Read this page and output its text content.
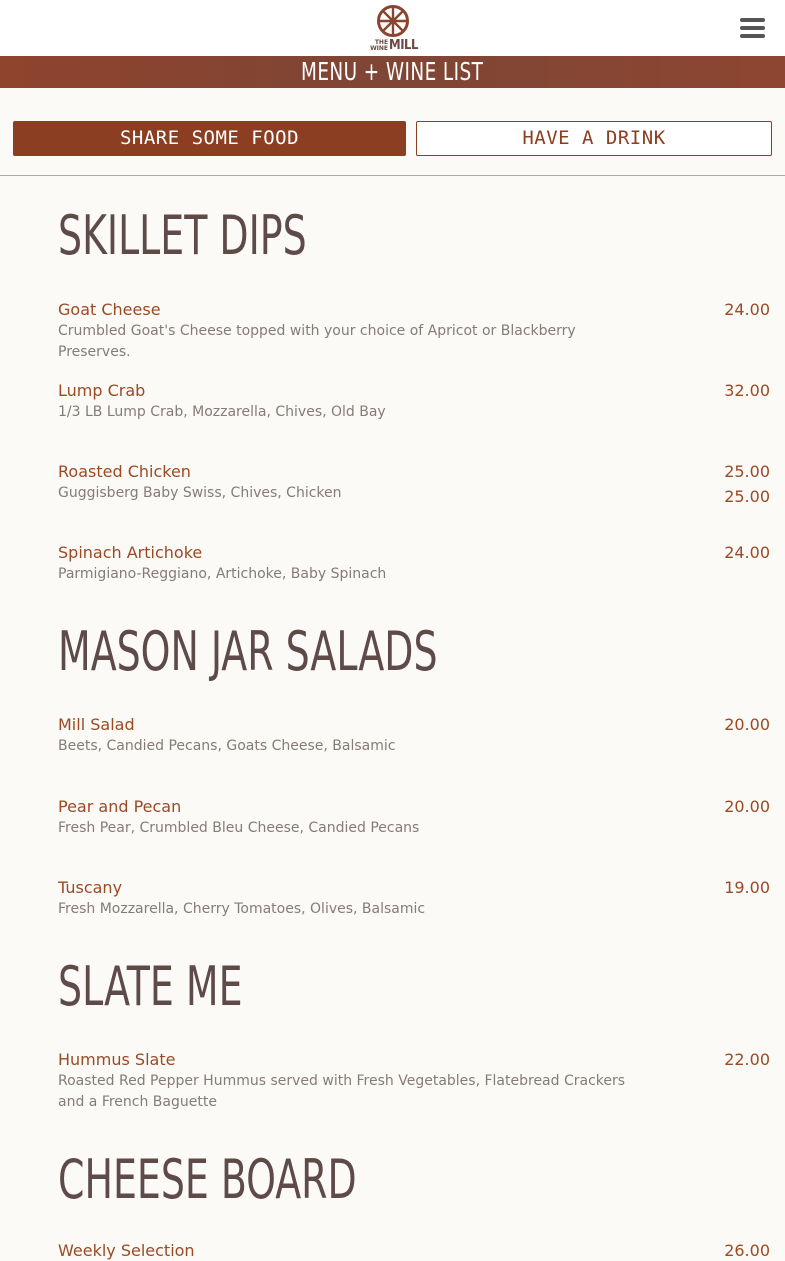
THE WINE MILL
MENU + WINE LIST
SHARE SOME FOOD	HAVE A DRINK
SKILLET DIPS
Goat Cheese
Crumbled Goat's Cheese topped with your choice of Apricot or Blackberry Preserves.
24.00
Lump Crab
1/3 LB Lump Crab, Mozzarella, Chives, Old Bay
32.00
Roasted Chicken
Guggisberg Baby Swiss, Chives, Chicken
25.00
25.00
Spinach Artichoke
Parmigiano-Reggiano, Artichoke, Baby Spinach
24.00
MASON JAR SALADS
Mill Salad
Beets, Candied Pecans, Goats Cheese, Balsamic
20.00
Pear and Pecan
Fresh Pear, Crumbled Bleu Cheese, Candied Pecans
20.00
Tuscany
Fresh Mozzarella, Cherry Tomatoes, Olives, Balsamic
19.00
SLATE ME
Hummus Slate
Roasted Red Pepper Hummus served with Fresh Vegetables, Flatebread Crackers and a French Baguette
22.00
CHEESE BOARD
Weekly Selection	26.00
